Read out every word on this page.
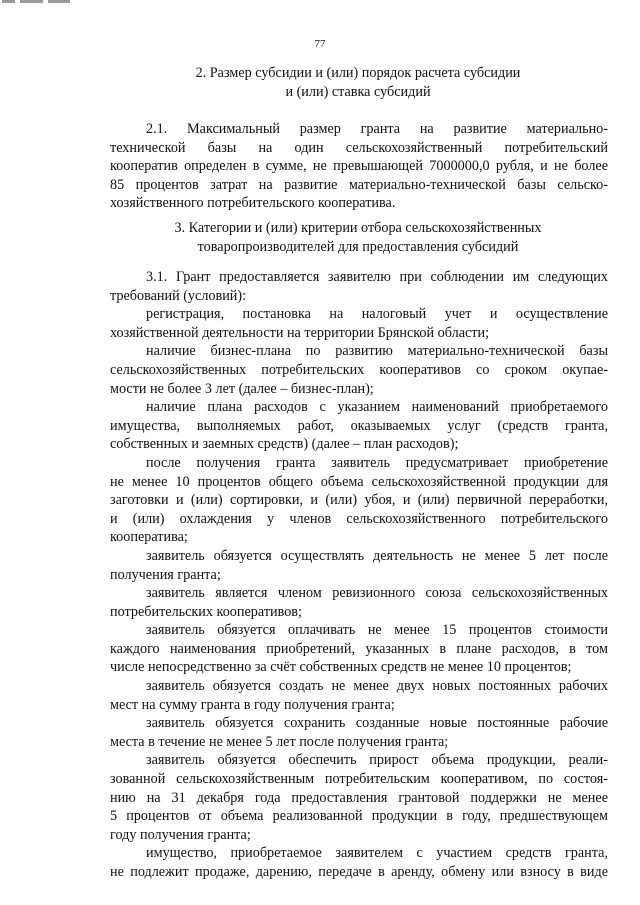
77
2. Размер субсидии и (или) порядок расчета субсидии
и (или) ставка субсидий
2.1. Максимальный размер гранта на развитие материально-
технической базы на один сельскохозяйственный потребительский
кооператив определен в сумме, не превышающей 7000000,0 рубля, и не более
85 процентов затрат на развитие материально-технической базы сельско-
хозяйственного потребительского кооператива.
3. Категории и (или) критерии отбора сельскохозяйственных
товаропроизводителей для предоставления субсидий
3.1. Грант предоставляется заявителю при соблюдении им следующих
требований (условий):
регистрация, постановка на налоговый учет и осуществление
хозяйственной деятельности на территории Брянской области;
наличие бизнес-плана по развитию материально-технической базы
сельскохозяйственных потребительских кооперативов со сроком окупае-
мости не более 3 лет (далее – бизнес-план);
наличие плана расходов с указанием наименований приобретаемого
имущества, выполняемых работ, оказываемых услуг (средств гранта,
собственных и заемных средств) (далее – план расходов);
после получения гранта заявитель предусматривает приобретение
не менее 10 процентов общего объема сельскохозяйственной продукции для
заготовки и (или) сортировки, и (или) убоя, и (или) первичной переработки,
и (или) охлаждения у членов сельскохозяйственного потребительского
кооператива;
заявитель обязуется осуществлять деятельность не менее 5 лет после
получения гранта;
заявитель является членом ревизионного союза сельскохозяйственных
потребительских кооперативов;
заявитель обязуется оплачивать не менее 15 процентов стоимости
каждого наименования приобретений, указанных в плане расходов, в том
числе непосредственно за счёт собственных средств не менее 10 процентов;
заявитель обязуется создать не менее двух новых постоянных рабочих
мест на сумму гранта в году получения гранта;
заявитель обязуется сохранить созданные новые постоянные рабочие
места в течение не менее 5 лет после получения гранта;
заявитель обязуется обеспечить прирост объема продукции, реали-
зованной сельскохозяйственным потребительским кооперативом, по состоя-
нию на 31 декабря года предоставления грантовой поддержки не менее
5 процентов от объема реализованной продукции в году, предшествующем
году получения гранта;
имущество, приобретаемое заявителем с участием средств гранта,
не подлежит продаже, дарению, передаче в аренду, обмену или взносу в виде
